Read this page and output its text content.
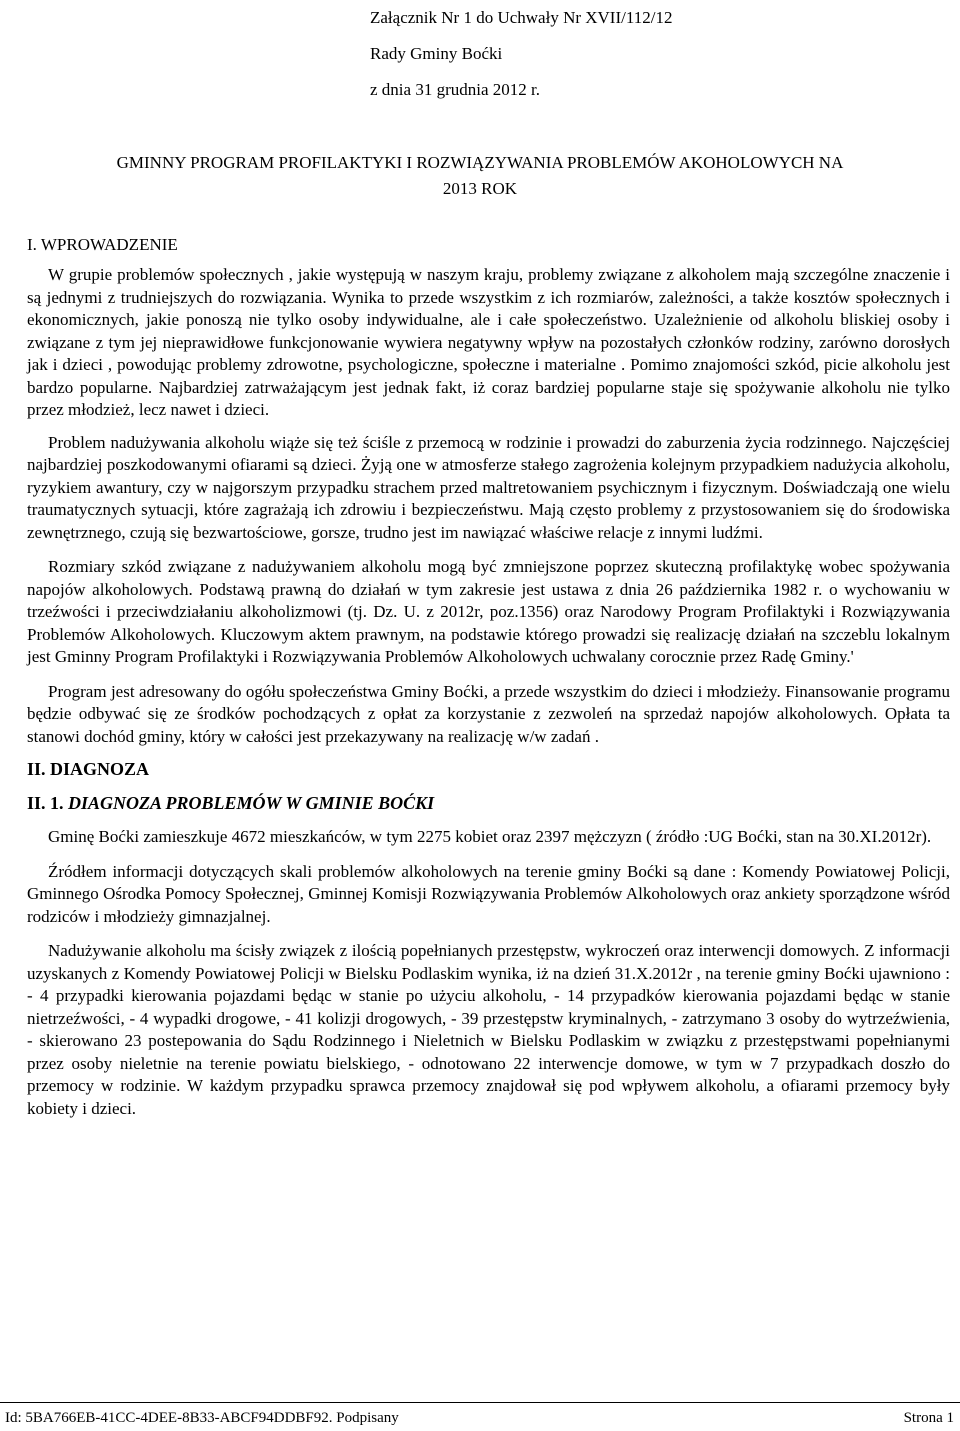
Załącznik Nr 1 do Uchwały Nr XVII/112/12
Rady Gminy Boćki
z dnia 31 grudnia 2012 r.
GMINNY PROGRAM PROFILAKTYKI I ROZWIĄZYWANIA PROBLEMÓW AKOHOLOWYCH NA
2013 ROK
I. WPROWADZENIE

W grupie problemów społecznych , jakie występują w naszym kraju, problemy związane z alkoholem mają szczególne znaczenie i są jednymi z trudniejszych do rozwiązania. Wynika to przede wszystkim z ich rozmiarów, zależności, a także kosztów społecznych i ekonomicznych, jakie ponoszą nie tylko osoby indywidualne, ale i całe społeczeństwo. Uzależnienie od alkoholu bliskiej osoby i związane z tym jej nieprawidłowe funkcjonowanie wywiera negatywny wpływ na pozostałych członków rodziny, zarówno dorosłych jak i dzieci , powodując problemy zdrowotne, psychologiczne, społeczne i materialne . Pomimo znajomości szkód, picie alkoholu jest bardzo popularne. Najbardziej zatrważającym jest jednak fakt, iż coraz bardziej popularne staje się spożywanie alkoholu nie tylko przez młodzież, lecz nawet i dzieci.

Problem nadużywania alkoholu wiąże się też ściśle z przemocą w rodzinie i prowadzi do zaburzenia życia rodzinnego. Najczęściej najbardziej poszkodowanymi ofiarami są dzieci. Żyją one w atmosferze stałego zagrożenia kolejnym przypadkiem nadużycia alkoholu, ryzykiem awantury, czy w najgorszym przypadku strachem przed maltretowaniem psychicznym i fizycznym. Doświadczają one wielu traumatycznych sytuacji, które zagrażają ich zdrowiu i bezpieczeństwu. Mają często problemy z przystosowaniem się do środowiska zewnętrznego, czują się bezwartościowe, gorsze, trudno jest im nawiązać właściwe relacje z innymi ludźmi.

Rozmiary szkód związane z nadużywaniem alkoholu mogą być zmniejszone poprzez skuteczną profilaktykę wobec spożywania napojów alkoholowych. Podstawą prawną do działań w tym zakresie jest ustawa z dnia 26 października 1982 r. o wychowaniu w trzeźwości i przeciwdziałaniu alkoholizmowi (tj. Dz. U. z 2012r, poz.1356) oraz Narodowy Program Profilaktyki i Rozwiązywania Problemów Alkoholowych. Kluczowym aktem prawnym, na podstawie którego prowadzi się realizację działań na szczeblu lokalnym jest Gminny Program Profilaktyki i Rozwiązywania Problemów Alkoholowych uchwalany corocznie przez Radę Gminy.'

Program jest adresowany do ogółu społeczeństwa Gminy Boćki, a przede wszystkim do dzieci i młodzieży. Finansowanie programu będzie odbywać się ze środków pochodzących z opłat za korzystanie z zezwoleń na sprzedaż napojów alkoholowych. Opłata ta stanowi dochód gminy, który w całości jest przekazywany na realizację w/w zadań .

II. DIAGNOZA
II. 1. DIAGNOZA PROBLEMÓW W GMINIE BOĆKI

Gminę Boćki zamieszkuje 4672 mieszkańców, w tym 2275 kobiet oraz 2397 mężczyzn ( źródło :UG Boćki, stan na 30.XI.2012r).

Źródłem informacji dotyczących skali problemów alkoholowych na terenie gminy Boćki są dane : Komendy Powiatowej Policji, Gminnego Ośrodka Pomocy Społecznej, Gminnej Komisji Rozwiązywania Problemów Alkoholowych oraz ankiety sporządzone wśród rodziców i młodzieży gimnazjalnej.

Nadużywanie alkoholu ma ścisły związek z ilością popełnianych przestępstw, wykroczeń oraz interwencji domowych. Z informacji uzyskanych z Komendy Powiatowej Policji w Bielsku Podlaskim wynika, iż na dzień 31.X.2012r , na terenie gminy Boćki ujawniono : - 4 przypadki kierowania pojazdami będąc w stanie po użyciu alkoholu, - 14 przypadków kierowania pojazdami będąc w stanie nietrzeźwości, - 4 wypadki drogowe, - 41 kolizji drogowych, - 39 przestępstw kryminalnych, - zatrzymano 3 osoby do wytrzeźwienia, - skierowano 23 postepowania do Sądu Rodzinnego i Nieletnich w Bielsku Podlaskim w związku z przestępstwami popełnianymi przez osoby nieletnie na terenie powiatu bielskiego, - odnotowano 22 interwencje domowe, w tym w 7 przypadkach doszło do przemocy w rodzinie. W każdym przypadku sprawca przemocy znajdował się pod wpływem alkoholu, a ofiarami przemocy były kobiety i dzieci.

Id: 5BA766EB-41CC-4DEE-8B33-ABCF94DDBF92. Podpisany	Strona 1
